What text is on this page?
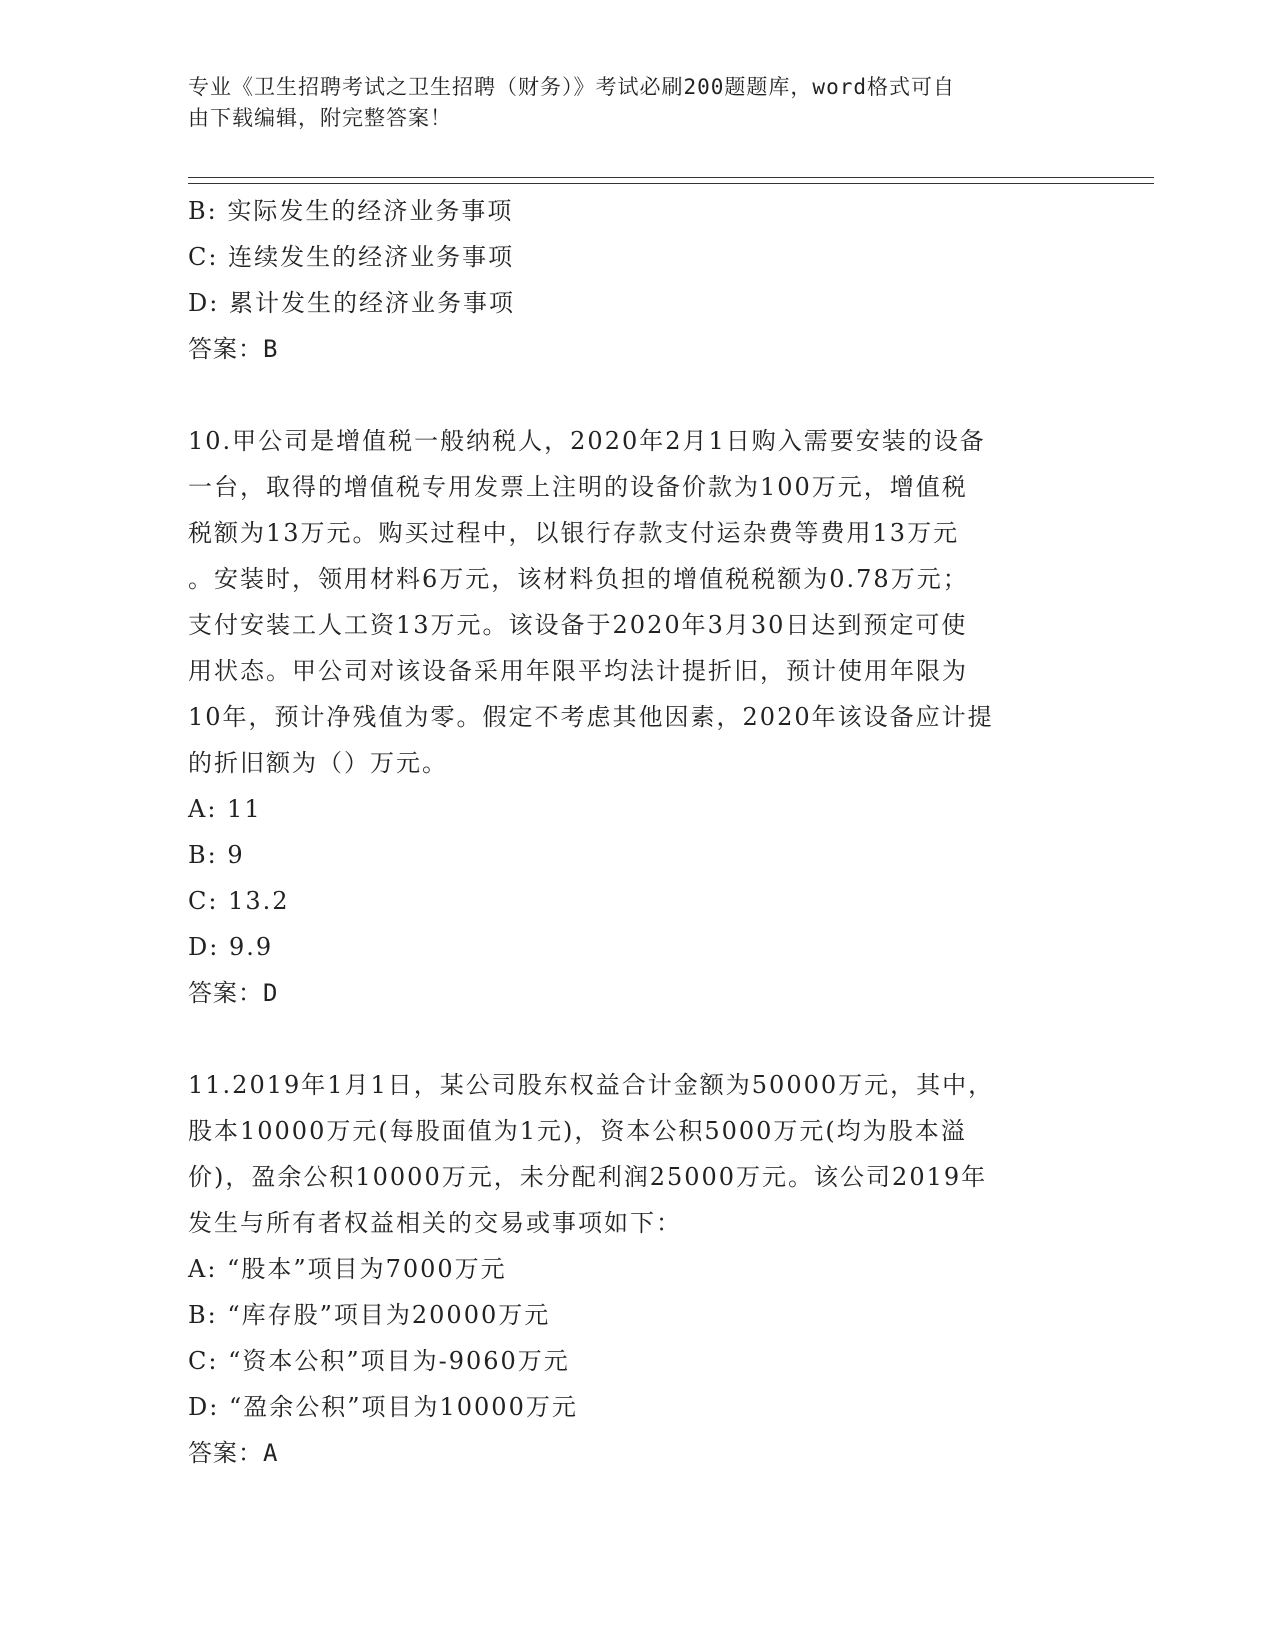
专业《卫生招聘考试之卫生招聘（财务）》考试必刷200题题库，word格式可自
由下载编辑，附完整答案！
B: 实际发生的经济业务事项
C: 连续发生的经济业务事项
D: 累计发生的经济业务事项
答案：B
10.甲公司是增值税一般纳税人，2020年2月1日购入需要安装的设备
一台，取得的增值税专用发票上注明的设备价款为100万元，增值税
税额为13万元。购买过程中，以银行存款支付运杂费等费用13万元
。安装时，领用材料6万元，该材料负担的增值税税额为0.78万元；
支付安装工人工资13万元。该设备于2020年3月30日达到预定可使
用状态。甲公司对该设备采用年限平均法计提折旧，预计使用年限为
10年，预计净残值为零。假定不考虑其他因素，2020年该设备应计提
的折旧额为（）万元。
A: 11
B: 9
C: 13.2
D: 9.9
答案：D
11.2019年1月1日，某公司股东权益合计金额为50000万元，其中，
股本10000万元(每股面值为1元)，资本公积5000万元(均为股本溢
价)，盈余公积10000万元，未分配利润25000万元。该公司2019年
发生与所有者权益相关的交易或事项如下：
A: “股本”项目为7000万元
B: “库存股”项目为20000万元
C: “资本公积”项目为-9060万元
D: “盈余公积”项目为10000万元
答案：A
